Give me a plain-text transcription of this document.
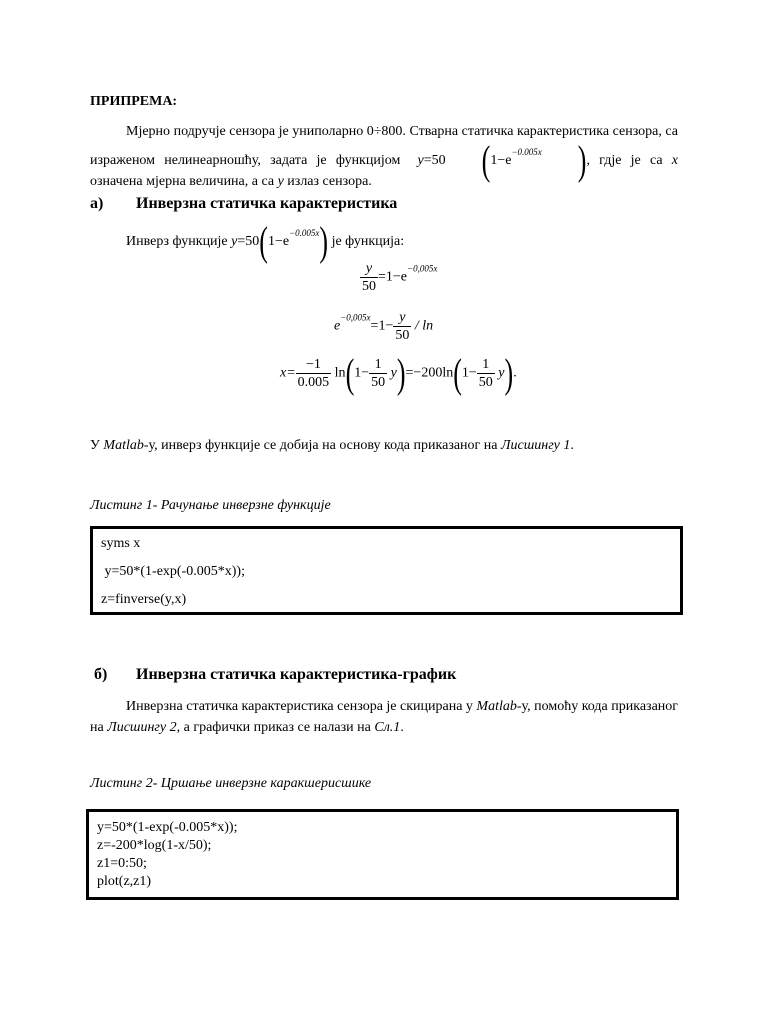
ПРИПРЕМА:
Мјерно подручје сензора је униполарно 0÷800. Стварна статичка карактеристика сензора, са израженом нелинеарношћу, задата је функцијом y=50 ($1-e^{-0.005x}$ ), гдје је са x означена мјерна величина, а са y излаз сензора.
а) Инверзна статичка карактеристика
Инверз функције $y=50(1-e^{-0.005x})$ је функција:
$\frac{y}{50} =1-e^{-0,005x}$
$e^{-0,005x}=1- \frac{y}{50} / \ln$
$x= \frac{-1}{0.005} \ln(1- \frac{1}{50} y)=-200\ln(1- \frac{1}{50} y)$.
У Matlab-у, инверз функције се добија на основу кода приказаног на Лисшингу 1.
Листинг 1- Рачунање инверзне функције
syms x
y=50*(1-exp(-0.005*x));
z=finverse(y,x)
б) Инверзна статичка карактеристика-график
Инверзна статичка карактеристика сензора је скицирана у Matlab-у, помоћу кода приказаног на Лисшингу 2, а графички приказ се налази на Сл.1.
Листинг 2- Цршање инверзне каракшерисшике
y=50*(1-exp(-0.005*x));
z=-200*log(1-x/50);
z1=0:50;
plot(z,z1)
